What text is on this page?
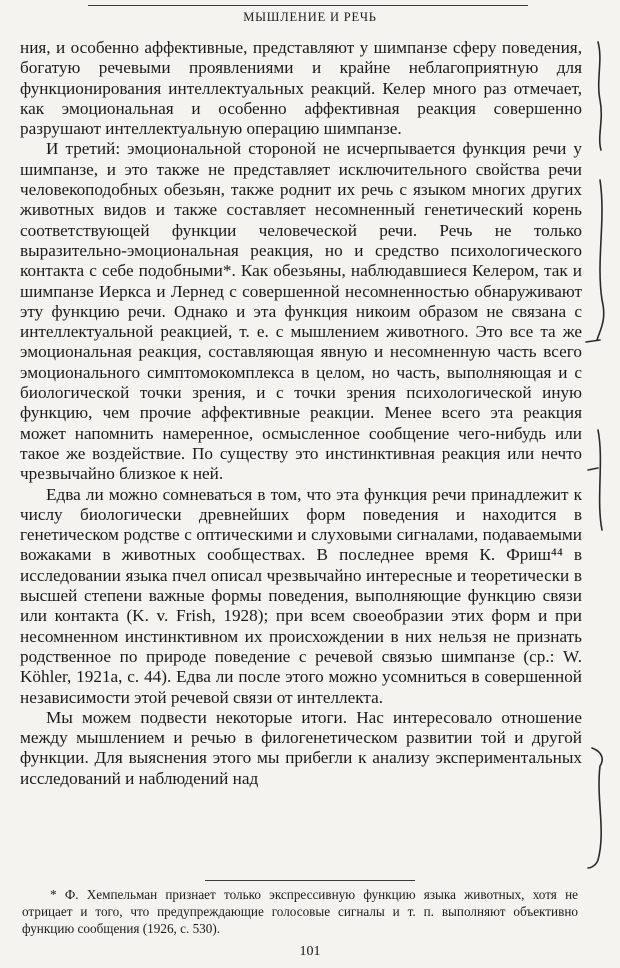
МЫШЛЕНИЕ И РЕЧЬ

ния, и особенно аффективные, представляют у шимпанзе сферу поведения, богатую речевыми проявлениями и крайне неблагоприятную для функционирования интеллектуальных реакций. Келер много раз отмечает, как эмоциональная и особенно аффективная реакция совершенно разрушают интеллектуальную операцию шимпанзе.

И третий: эмоциональной стороной не исчерпывается функция речи у шимпанзе, и это также не представляет исключительного свойства речи человекоподобных обезьян, также роднит их речь с языком многих других животных видов и также составляет несомненный генетический корень соответствующей функции человеческой речи. Речь не только выразительно-эмоциональная реакция, но и средство психологического контакта с себе подобными*. Как обезьяны, наблюдавшиеся Келером, так и шимпанзе Иеркса и Лернед с совершенной несомненностью обнаруживают эту функцию речи. Однако и эта функция никоим образом не связана с интеллектуальной реакцией, т. е. с мышлением животного. Это все та же эмоциональная реакция, составляющая явную и несомненную часть всего эмоционального симптомокомплекса в целом, но часть, выполняющая и с биологической точки зрения, и с точки зрения психологической иную функцию, чем прочие аффективные реакции. Менее всего эта реакция может напомнить намеренное, осмысленное сообщение чего-нибудь или такое же воздействие. По существу это инстинктивная реакция или нечто чрезвычайно близкое к ней.

Едва ли можно сомневаться в том, что эта функция речи принадлежит к числу биологически древнейших форм поведения и находится в генетическом родстве с оптическими и слуховыми сигналами, подаваемыми вожаками в животных сообществах. В последнее время К. Фриш⁴⁴ в исследовании языка пчел описал чрезвычайно интересные и теоретически в высшей степени важные формы поведения, выполняющие функцию связи или контакта (K. v. Frish, 1928); при всем своеобразии этих форм и при несомненном инстинктивном их происхождении в них нельзя не признать родственное по природе поведение с речевой связью шимпанзе (ср.: W. Köhler, 1921a, с. 44). Едва ли после этого можно усомниться в совершенной независимости этой речевой связи от интеллекта.

Мы можем подвести некоторые итоги. Нас интересовало отношение между мышлением и речью в филогенетическом развитии той и другой функции. Для выяснения этого мы прибегли к анализу экспериментальных исследований и наблюдений над

* Ф. Хемпельман признает только экспрессивную функцию языка животных, хотя не отрицает и того, что предупреждающие голосовые сигналы и т. п. выполняют объективно функцию сообщения (1926, с. 530).

101
